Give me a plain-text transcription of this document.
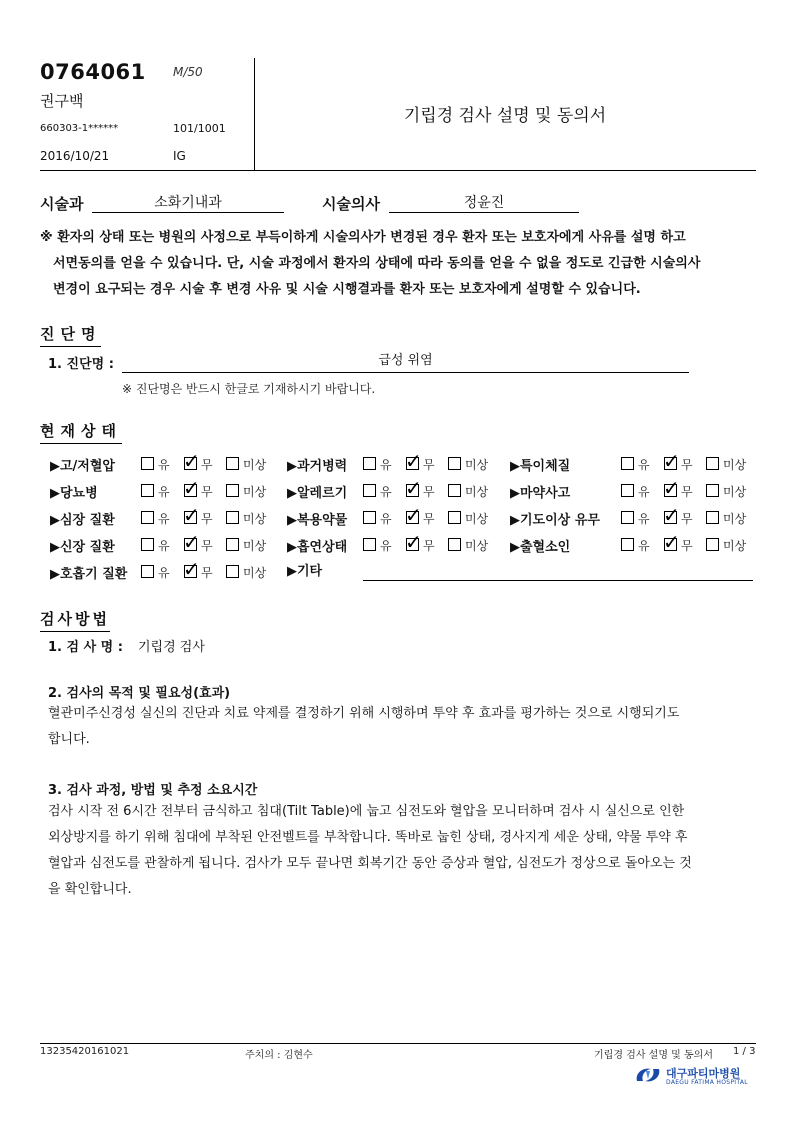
0764061 M/50
권구백
660303-1******	101/1001
2016/10/21	IG
기립경 검사 설명 및 동의서
시술과	소화기내과	시술의사	정윤진
※ 환자의 상태 또는 병원의 사정으로 부득이하게 시술의사가 변경된 경우 환자 또는 보호자에게 사유를 설명 하고
서면동의를 얻을 수 있습니다. 단, 시술 과정에서 환자의 상태에 따라 동의를 얻을 수 없을 정도로 긴급한 시술의사
변경이 요구되는 경우 시술 후 변경 사유 및 시술 시행결과를 환자 또는 보호자에게 설명할 수 있습니다.
진단명
1. 진단명 :	급성 위염
※ 진단명은 반드시 한글로 기재하시기 바랍니다.
현재상태
▶고/저혈압	유 ✓ 무	미상 ▶과거병력	유 ✓ 무	미상 ▶특이체질	유 ✓ 무	미상
▶당뇨병	유 ✓ 무	미상 ▶알레르기	유 ✓ 무	미상 ▶마약사고	유 ✓ 무	미상
▶심장 질환	유 ✓ 무	미상 ▶복용약물	유 ✓ 무	미상 ▶기도이상 유무	유 ✓ 무	미상
▶신장 질환	유 ✓ 무	미상 ▶흡연상태	유 ✓ 무	미상 ▶출혈소인	유 ✓ 무	미상
▶호흡기 질환	유 ✓ 무	미상 ▶기타
검사방법
1. 검 사 명 : 기립경 검사
2. 검사의 목적 및 필요성(효과)
혈관미주신경성 실신의 진단과 치료 약제를 결정하기 위해 시행하며 투약 후 효과를 평가하는 것으로 시행되기도
합니다.
3. 검사 과정, 방법 및 추정 소요시간
검사 시작 전 6시간 전부터 금식하고 침대(Tilt Table)에 눕고 심전도와 혈압을 모니터하며 검사 시 실신으로 인한
외상방지를 하기 위해 침대에 부착된 안전벨트를 부착합니다. 똑바로 눕힌 상태, 경사지게 세운 상태, 약물 투약 후
혈압과 심전도를 관찰하게 됩니다. 검사가 모두 끝나면 회복기간 동안 증상과 혈압, 심전도가 정상으로 돌아오는 것
을 확인합니다.
13235420161021	주치의 : 김현수	기립경 검사 설명 및 동의서 1 / 3
대구파티마병원
DAEGU FATIMA HOSPITAL
